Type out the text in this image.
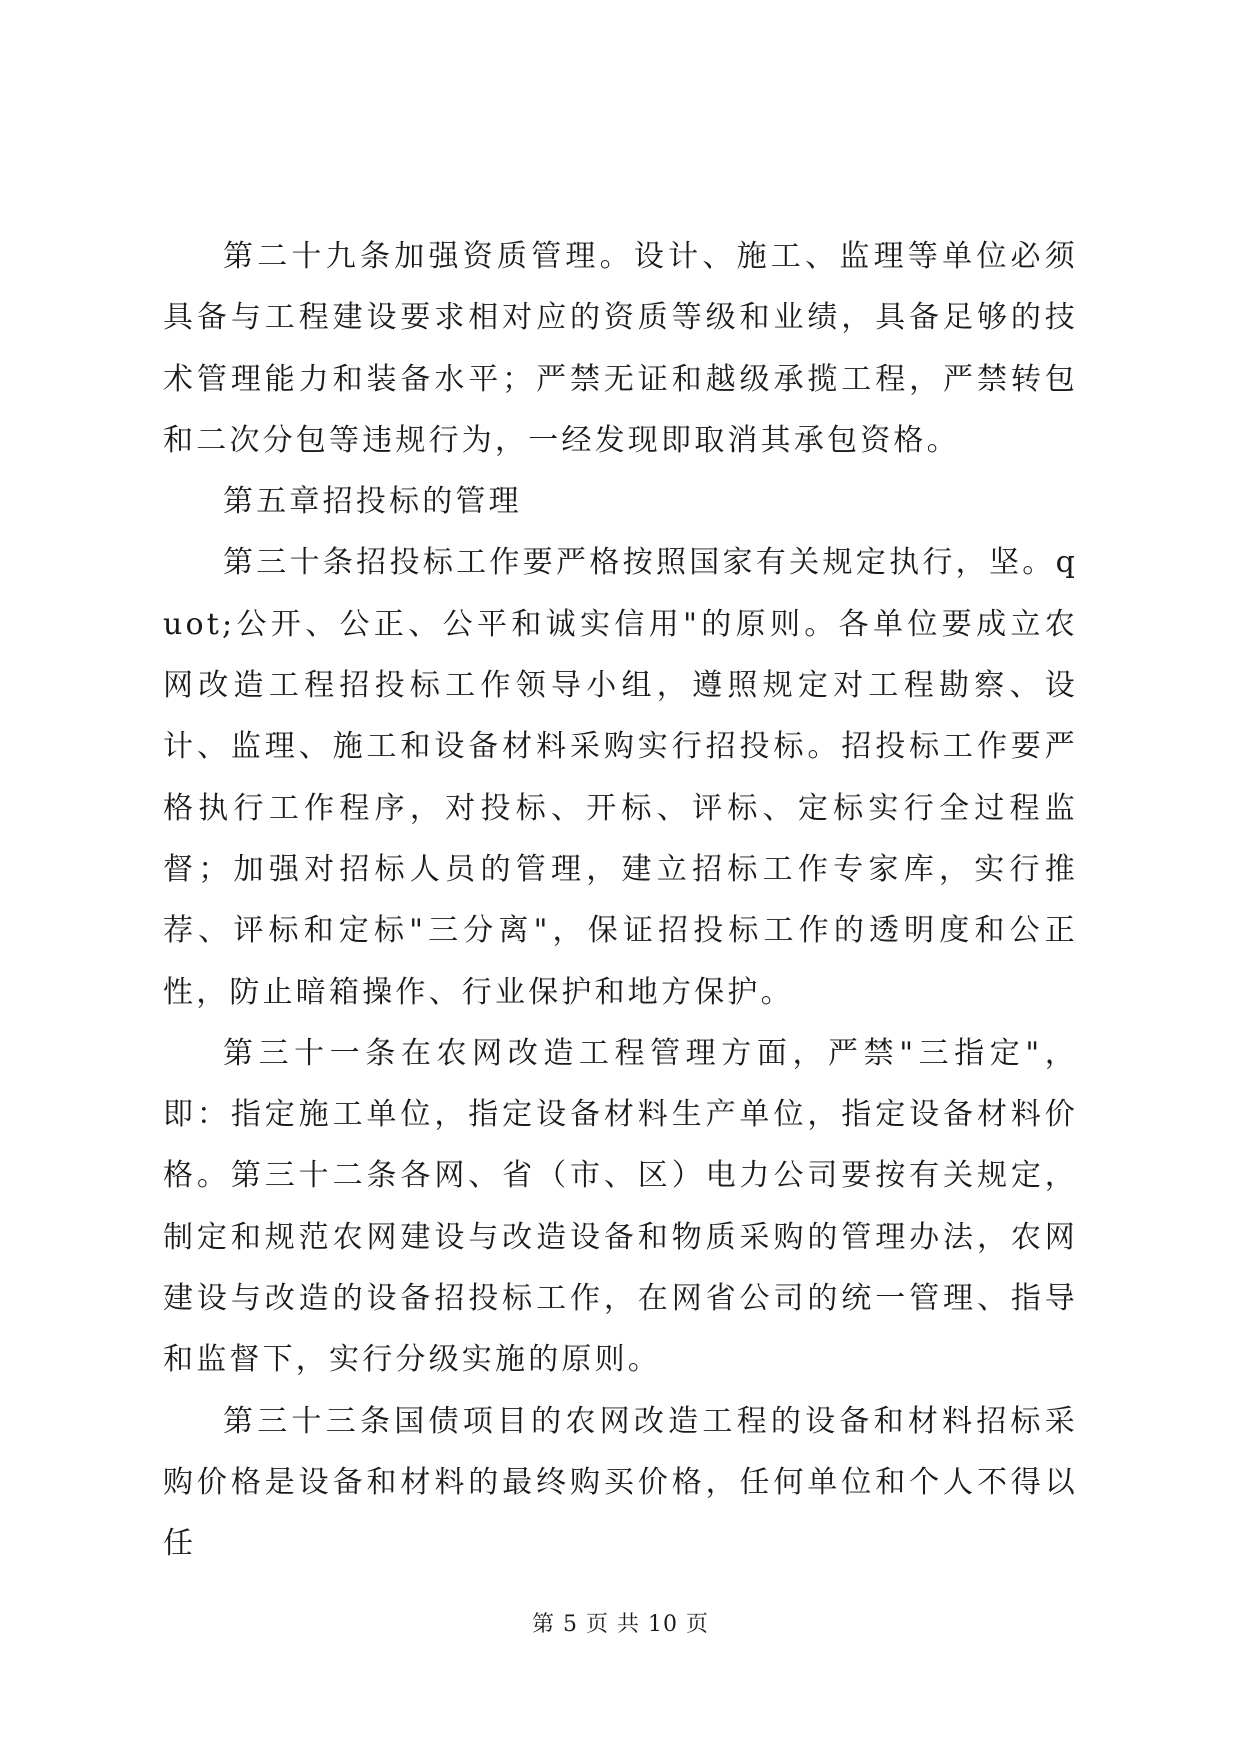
第二十九条加强资质管理。设计、施工、监理等单位必须具备与工程建设要求相对应的资质等级和业绩，具备足够的技术管理能力和装备水平；严禁无证和越级承揽工程，严禁转包和二次分包等违规行为，一经发现即取消其承包资格。

第五章招投标的管理

第三十条招投标工作要严格按照国家有关规定执行，坚。quot;公开、公正、公平和诚实信用"的原则。各单位要成立农网改造工程招投标工作领导小组，遵照规定对工程勘察、设计、监理、施工和设备材料采购实行招投标。招投标工作要严格执行工作程序，对投标、开标、评标、定标实行全过程监督；加强对招标人员的管理，建立招标工作专家库，实行推荐、评标和定标"三分离"，保证招投标工作的透明度和公正性，防止暗箱操作、行业保护和地方保护。

第三十一条在农网改造工程管理方面，严禁"三指定"，即：指定施工单位，指定设备材料生产单位，指定设备材料价格。第三十二条各网、省（市、区）电力公司要按有关规定，制定和规范农网建设与改造设备和物质采购的管理办法，农网建设与改造的设备招投标工作，在网省公司的统一管理、指导和监督下，实行分级实施的原则。

第三十三条国债项目的农网改造工程的设备和材料招标采购价格是设备和材料的最终购买价格，任何单位和个人不得以任

第 5 页 共 10 页
